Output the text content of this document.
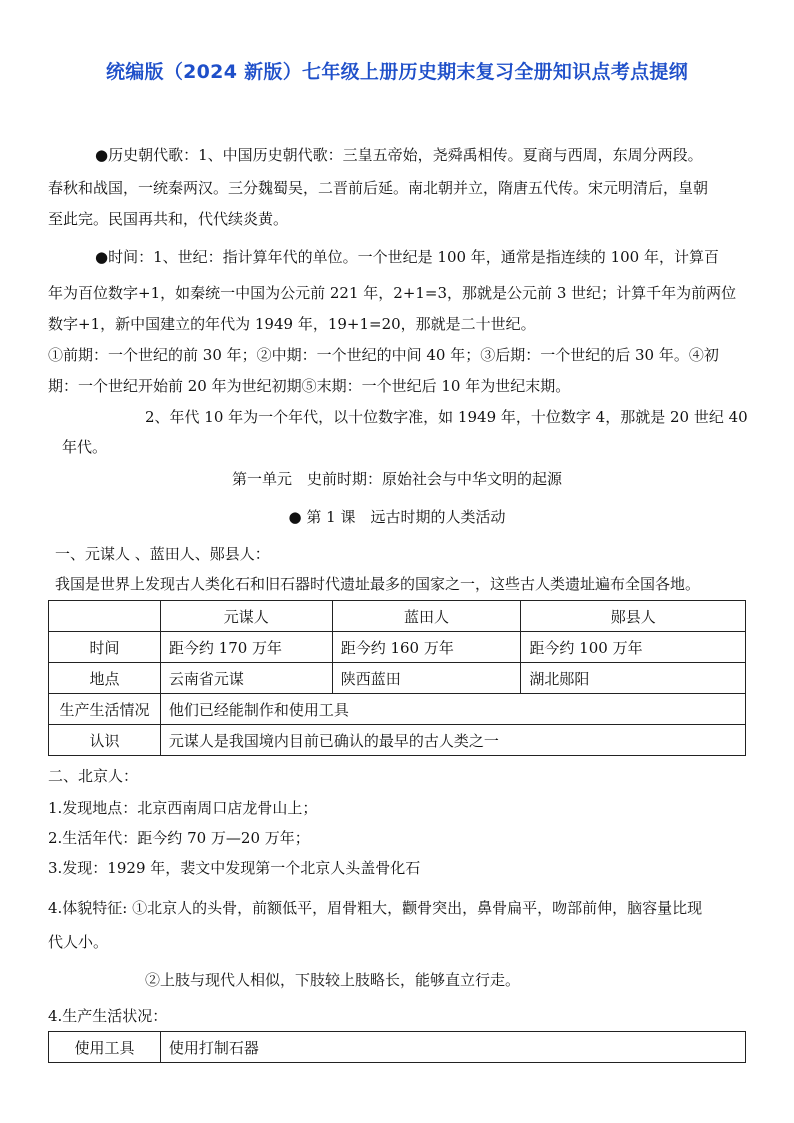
统编版（2024 新版）七年级上册历史期末复习全册知识点考点提纲
●历史朝代歌：1、中国历史朝代歌：三皇五帝始，尧舜禹相传。夏商与西周，东周分两段。
春秋和战国，一统秦两汉。三分魏蜀吴，二晋前后延。南北朝并立，隋唐五代传。宋元明清后，皇朝
至此完。民国再共和，代代续炎黄。
●时间：1、世纪：指计算年代的单位。一个世纪是 100 年，通常是指连续的 100 年，计算百
年为百位数字+1，如秦统一中国为公元前 221 年，2+1=3，那就是公元前 3 世纪；计算千年为前两位
数字+1，新中国建立的年代为 1949 年，19+1=20，那就是二十世纪。
①前期：一个世纪的前 30 年；②中期：一个世纪的中间 40 年；③后期：一个世纪的后 30 年。④初
期：一个世纪开始前 20 年为世纪初期⑤末期：一个世纪后 10 年为世纪末期。
2、年代 10 年为一个年代，以十位数字准，如 1949 年，十位数字 4，那就是 20 世纪 40
年代。
第一单元　史前时期：原始社会与中华文明的起源
● 第 1 课　远古时期的人类活动
一、元谋人 、蓝田人、郧县人：
我国是世界上发现古人类化石和旧石器时代遗址最多的国家之一，这些古人类遗址遍布全国各地。
	元谋人	蓝田人	郧县人
时间	距今约 170 万年	距今约 160 万年	距今约 100 万年
地点	云南省元谋	陕西蓝田	湖北郧阳
生产生活情况	他们已经能制作和使用工具		
认识	元谋人是我国境内目前已确认的最早的古人类之一		
二、北京人：
1.发现地点：北京西南周口店龙骨山上；
2.生活年代：距今约 70 万—20 万年；
3.发现：1929 年，裴文中发现第一个北京人头盖骨化石
4.体貌特征: ①北京人的头骨，前额低平，眉骨粗大，颧骨突出，鼻骨扁平，吻部前伸，脑容量比现
代人小。
②上肢与现代人相似，下肢较上肢略长，能够直立行走。
4.生产生活状况：
使用工具	使用打制石器
